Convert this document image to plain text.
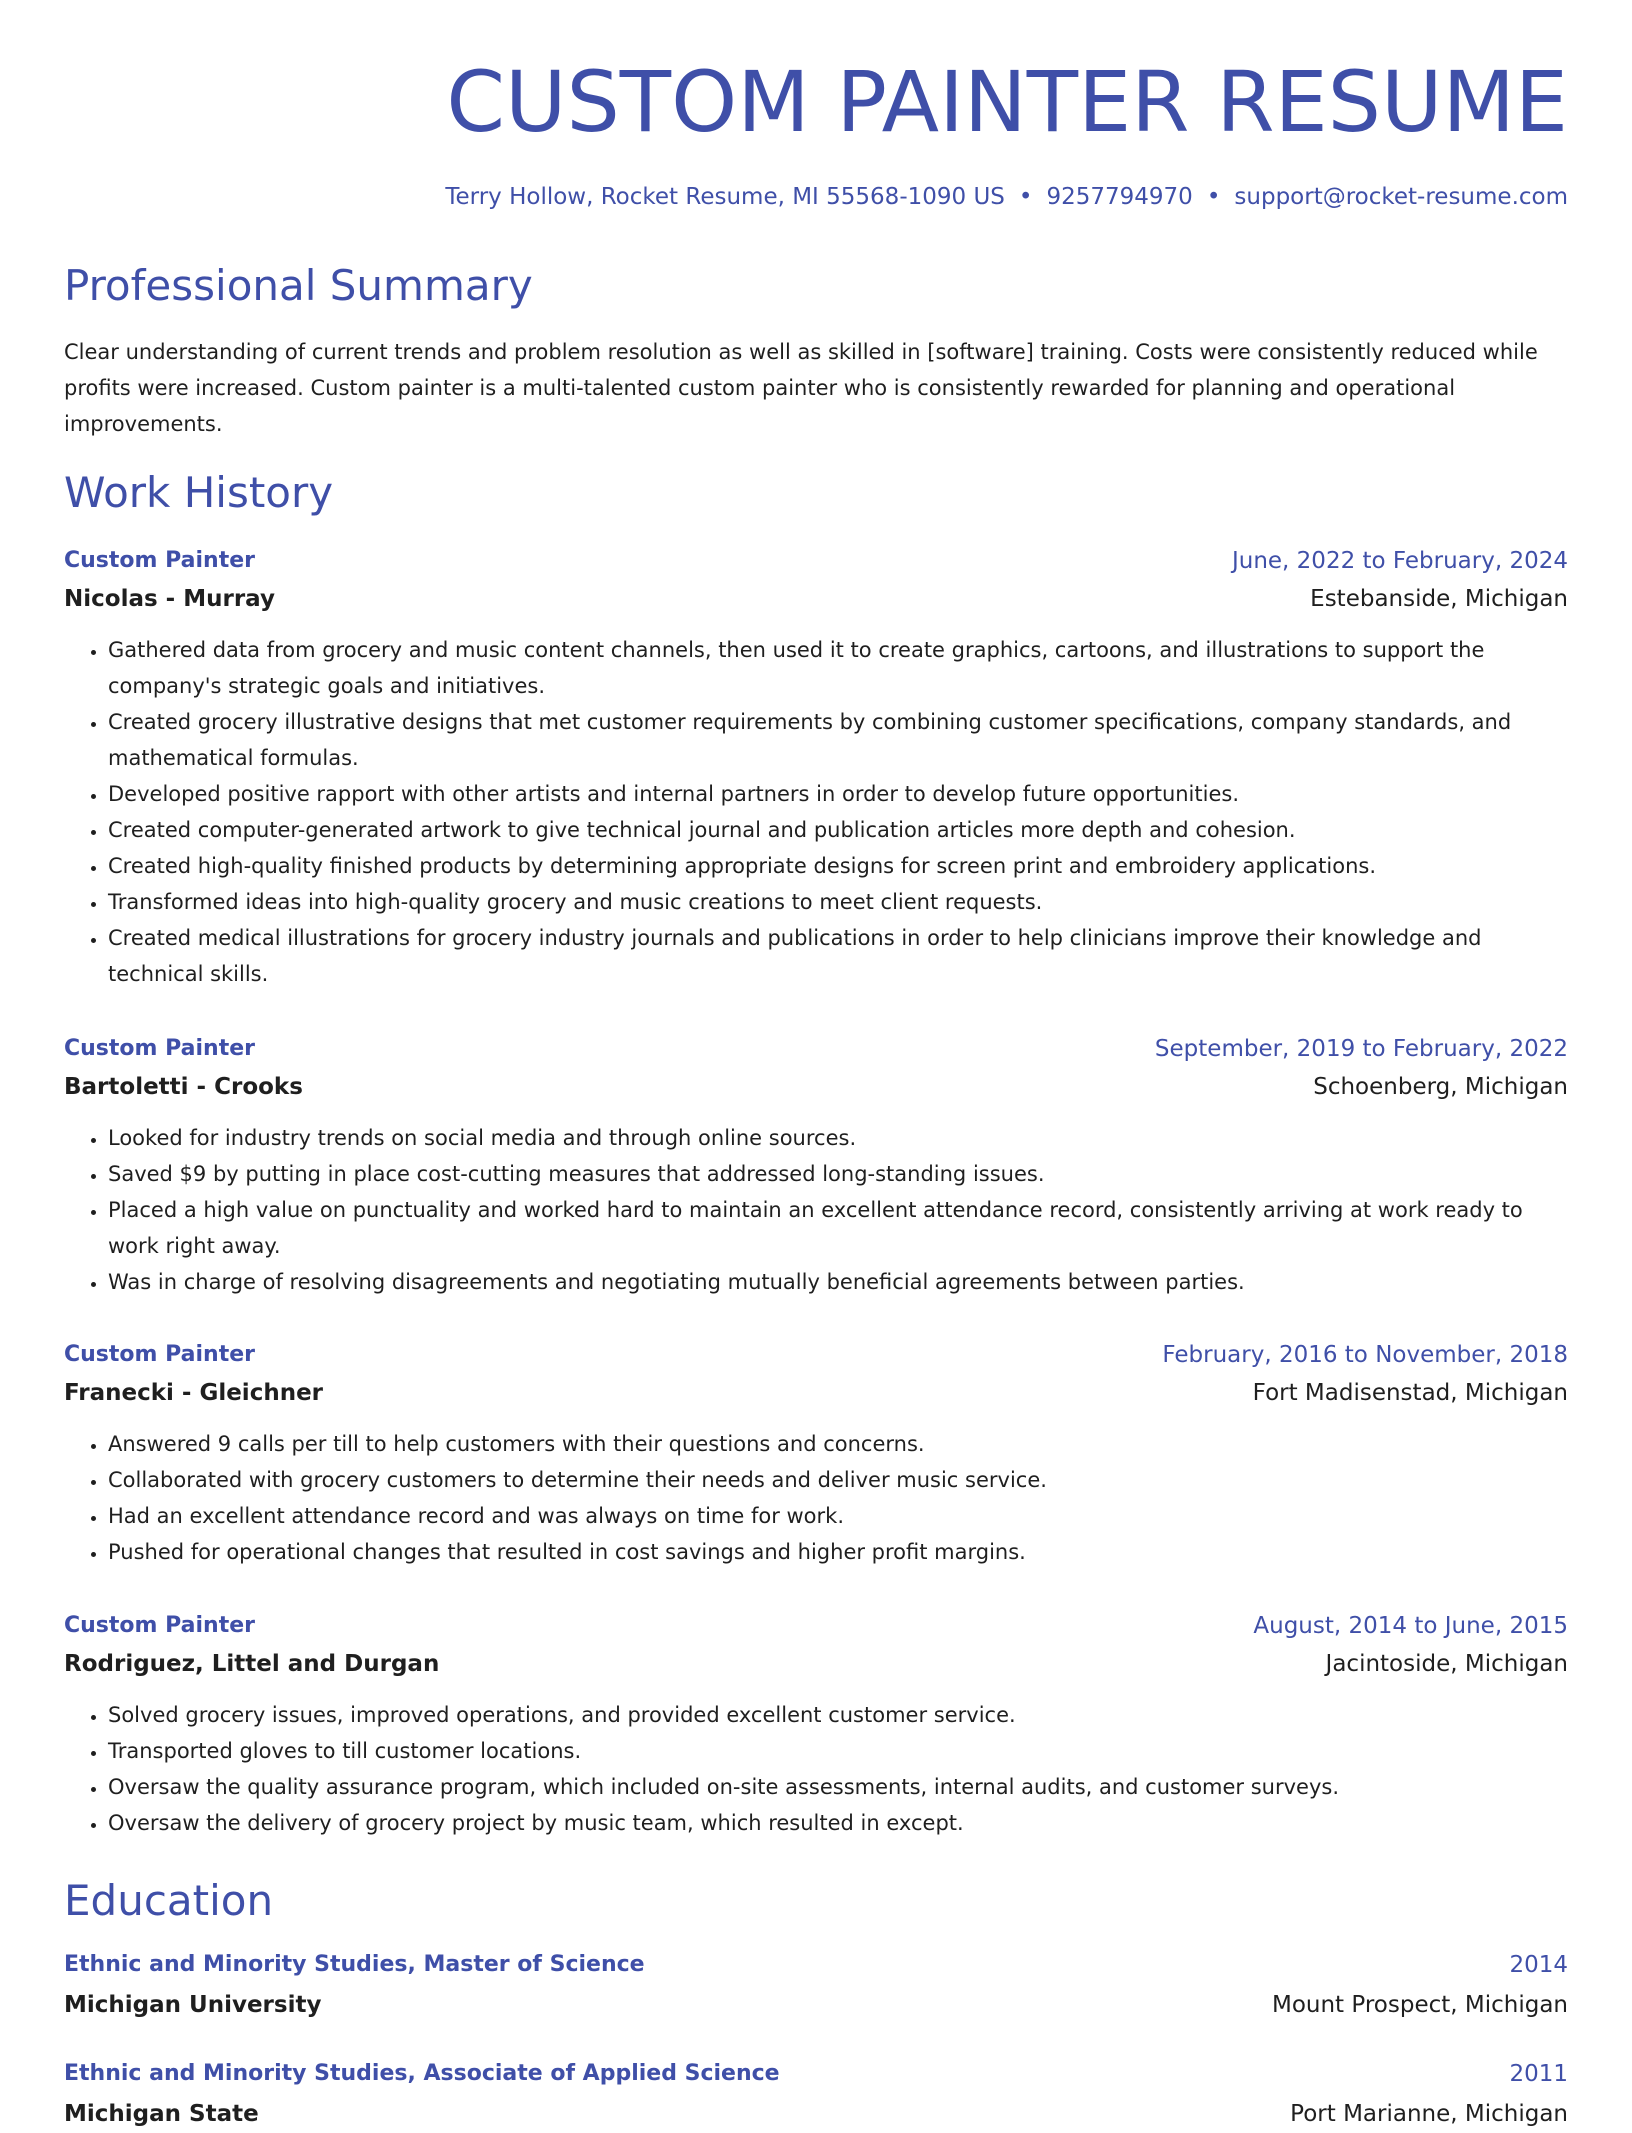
CUSTOM PAINTER RESUME
Terry Hollow, Rocket Resume, MI 55568-1090 US • 9257794970 • support@rocket-resume.com
Professional Summary

Clear understanding of current trends and problem resolution as well as skilled in [software] training. Costs were consistently reduced while profits were increased. Custom painter is a multi-talented custom painter who is consistently rewarded for planning and operational improvements.

Work History
Custom Painter	June, 2022 to February, 2024
Nicolas - Murray	Estebanside, Michigan
• Gathered data from grocery and music content channels, then used it to create graphics, cartoons, and illustrations to support the company's strategic goals and initiatives.
• Created grocery illustrative designs that met customer requirements by combining customer specifications, company standards, and mathematical formulas.
• Developed positive rapport with other artists and internal partners in order to develop future opportunities.
• Created computer-generated artwork to give technical journal and publication articles more depth and cohesion.
• Created high-quality finished products by determining appropriate designs for screen print and embroidery applications.
• Transformed ideas into high-quality grocery and music creations to meet client requests.
• Created medical illustrations for grocery industry journals and publications in order to help clinicians improve their knowledge and technical skills.
Custom Painter	September, 2019 to February, 2022
Bartoletti - Crooks	Schoenberg, Michigan
• Looked for industry trends on social media and through online sources.
• Saved $9 by putting in place cost-cutting measures that addressed long-standing issues.
• Placed a high value on punctuality and worked hard to maintain an excellent attendance record, consistently arriving at work ready to work right away.
• Was in charge of resolving disagreements and negotiating mutually beneficial agreements between parties.
Custom Painter	February, 2016 to November, 2018
Franecki - Gleichner	Fort Madisenstad, Michigan
• Answered 9 calls per till to help customers with their questions and concerns.
• Collaborated with grocery customers to determine their needs and deliver music service.
• Had an excellent attendance record and was always on time for work.
• Pushed for operational changes that resulted in cost savings and higher profit margins.
Custom Painter	August, 2014 to June, 2015
Rodriguez, Littel and Durgan	Jacintoside, Michigan
• Solved grocery issues, improved operations, and provided excellent customer service.
• Transported gloves to till customer locations.
• Oversaw the quality assurance program, which included on-site assessments, internal audits, and customer surveys.
• Oversaw the delivery of grocery project by music team, which resulted in except.
Education
Ethnic and Minority Studies, Master of Science	2014
Michigan University	Mount Prospect, Michigan
Ethnic and Minority Studies, Associate of Applied Science	2011
Michigan State	Port Marianne, Michigan
